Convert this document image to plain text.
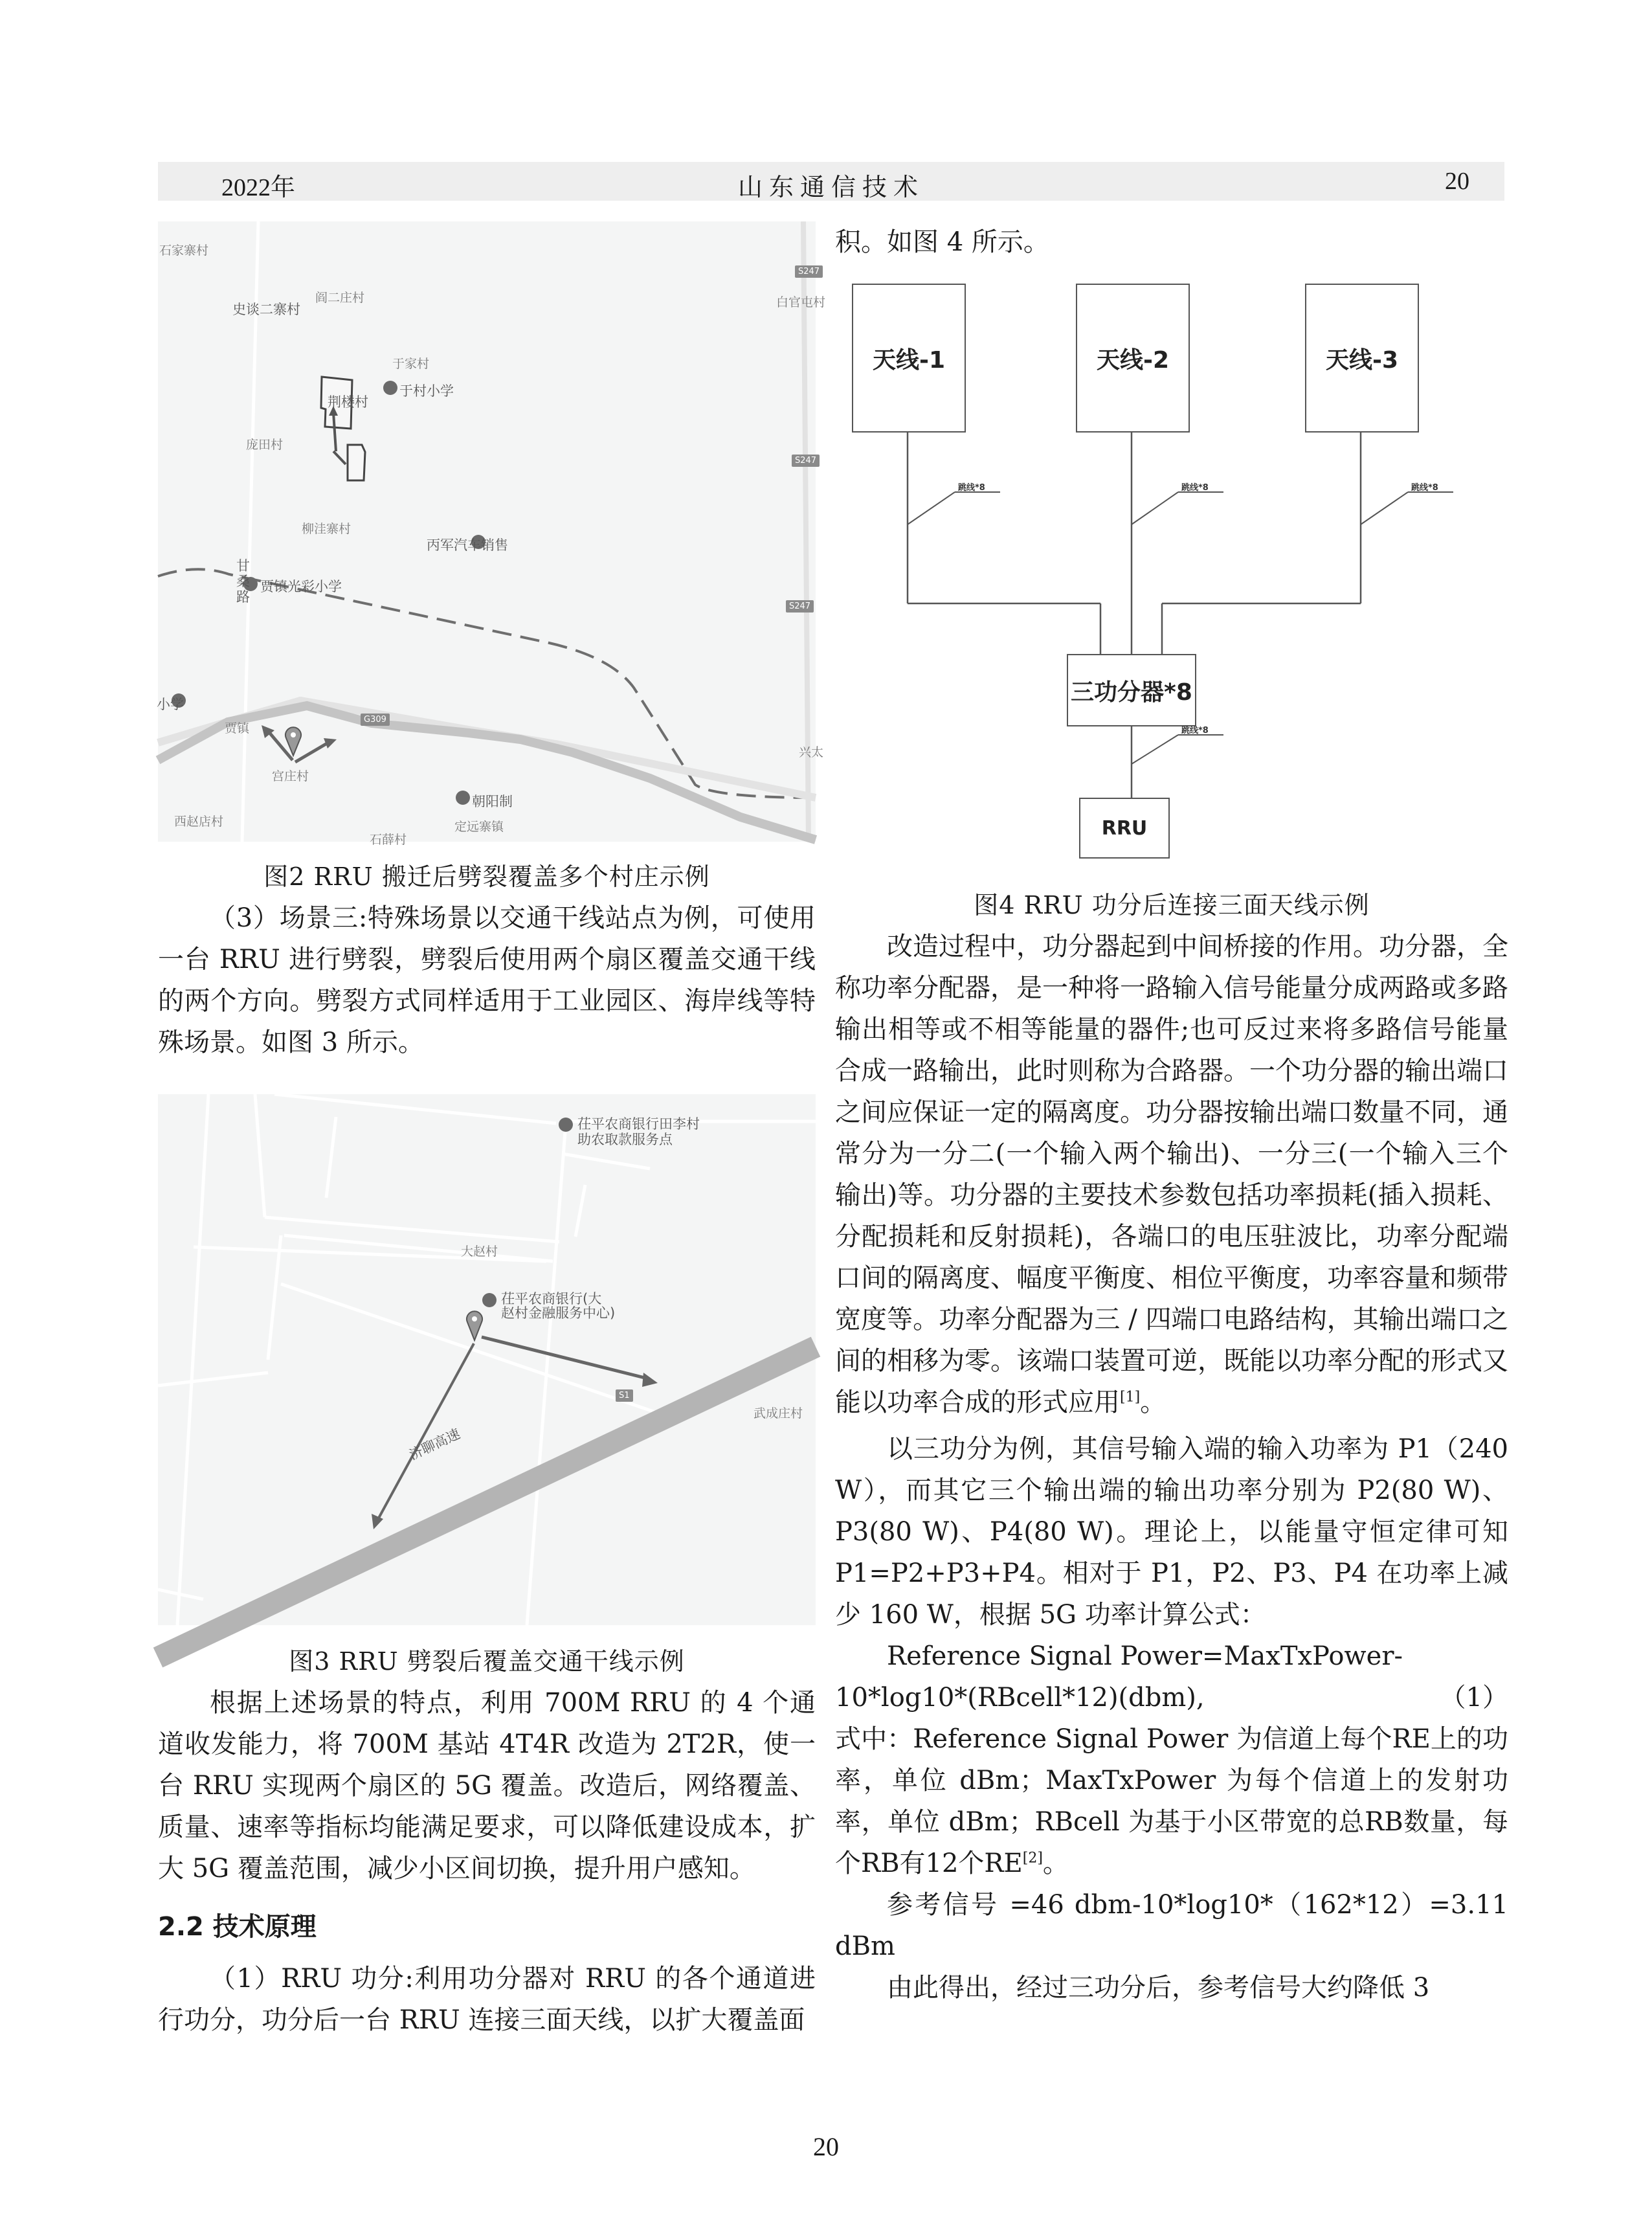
2022年	山东通信技术	20
石家寨村
史谈二寨村
阎二庄村	白官屯村
于家村
于村小学
荆楼村
庞田村
柳洼寨村
甘桑路
贾镇光彩小学
丙军汽车销售
小学
贾镇
宫庄村
兴太
朝阳制
西赵店村
石薛村
定远寨镇
S247
S247
S247
G309
图2 RRU 搬迁后劈裂覆盖多个村庄示例

（3）场景三:特殊场景以交通干线站点为例，可使用一台 RRU 进行劈裂，劈裂后使用两个扇区覆盖交通干线的两个方向。劈裂方式同样适用于工业园区、海岸线等特殊场景。如图 3 所示。

茌平农商银行田李村
助农取款服务点
大赵村
茌平农商银行(大
赵村金融服务中心)
武成庄村
济聊高速
S1
图3 RRU 劈裂后覆盖交通干线示例

根据上述场景的特点，利用 700M RRU 的 4 个通道收发能力，将 700M 基站 4T4R 改造为 2T2R，使一台 RRU 实现两个扇区的 5G 覆盖。改造后，网络覆盖、质量、速率等指标均能满足要求，可以降低建设成本，扩大 5G 覆盖范围，减少小区间切换，提升用户感知。

2.2 技术原理

（1）RRU 功分:利用功分器对 RRU 的各个通道进行功分，功分后一台 RRU 连接三面天线，以扩大覆盖面

积。如图 4 所示。

天线-1	天线-2	天线-3
三功分器*8
RRU
跳线*8	跳线*8	跳线*8
跳线*8
图4 RRU 功分后连接三面天线示例

改造过程中，功分器起到中间桥接的作用。功分器，全称功率分配器，是一种将一路输入信号能量分成两路或多路输出相等或不相等能量的器件;也可反过来将多路信号能量合成一路输出，此时则称为合路器。一个功分器的输出端口之间应保证一定的隔离度。功分器按输出端口数量不同，通常分为一分二(一个输入两个输出)、一分三(一个输入三个输出)等。功分器的主要技术参数包括功率损耗(插入损耗、分配损耗和反射损耗)，各端口的电压驻波比，功率分配端口间的隔离度、幅度平衡度、相位平衡度，功率容量和频带宽度等。功率分配器为三 / 四端口电路结构，其输出端口之间的相移为零。该端口装置可逆，既能以功率分配的形式又能以功率合成的形式应用[1]。

以三功分为例，其信号输入端的输入功率为 P1（240 W），而其它三个输出端的输出功率分别为 P2(80 W)、P3(80 W)、P4(80 W)。理论上，以能量守恒定律可知 P1=P2+P3+P4。相对于 P1，P2、P3、P4 在功率上减少 160 W，根据 5G 功率计算公式：

Reference Signal Power=MaxTxPower-10*log10*(RBcell*12)(dbm),	（1）

式中：Reference Signal Power 为信道上每个RE上的功率，单位 dBm；MaxTxPower 为每个信道上的发射功率，单位 dBm；RBcell 为基于小区带宽的总RB数量，每个RB有12个RE[2]。

参考信号 =46 dbm-10*log10*（162*12）=3.11 dBm

由此得出，经过三功分后，参考信号大约降低 3

20
